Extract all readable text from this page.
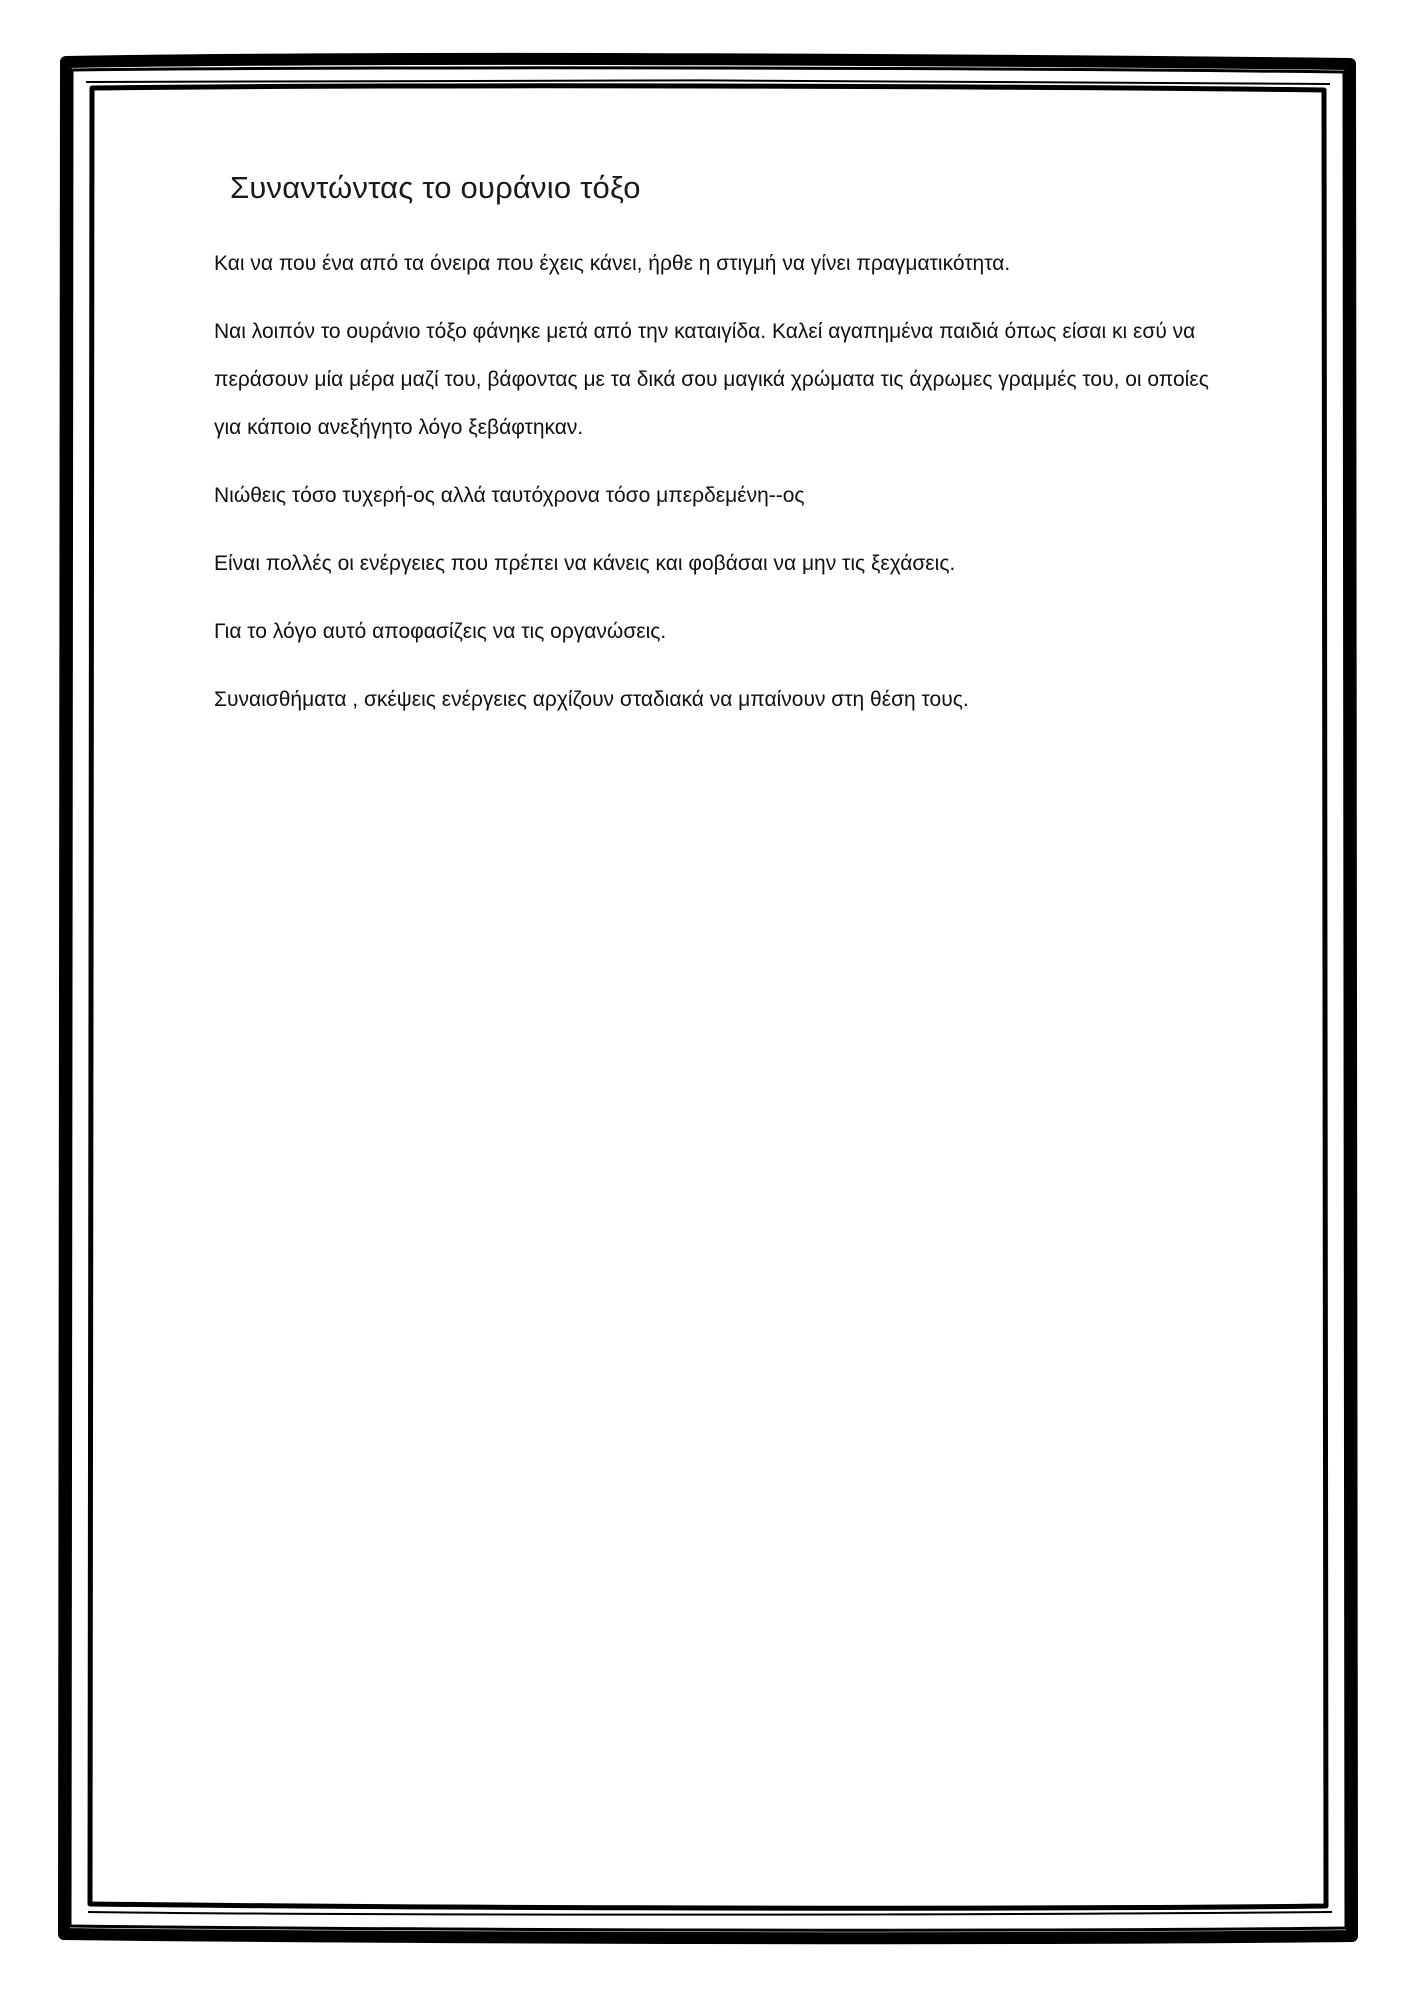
Συναντώντας το ουράνιο τόξο

Και να που ένα από τα όνειρα που έχεις κάνει, ήρθε η στιγμή να γίνει πραγματικότητα.

Ναι λοιπόν το ουράνιο τόξο φάνηκε μετά από την καταιγίδα. Καλεί αγαπημένα παιδιά όπως είσαι κι εσύ να περάσουν μία μέρα μαζί του, βάφοντας με τα δικά σου μαγικά χρώματα τις άχρωμες γραμμές του, οι οποίες για κάποιο ανεξήγητο λόγο ξεβάφτηκαν.

Νιώθεις τόσο τυχερή-ος αλλά ταυτόχρονα τόσο μπερδεμένη--ος

Είναι πολλές οι ενέργειες που πρέπει να κάνεις και φοβάσαι να μην τις ξεχάσεις.

Για το λόγο αυτό αποφασίζεις να τις οργανώσεις.

Συναισθήματα , σκέψεις ενέργειες αρχίζουν σταδιακά να μπαίνουν στη θέση τους.
